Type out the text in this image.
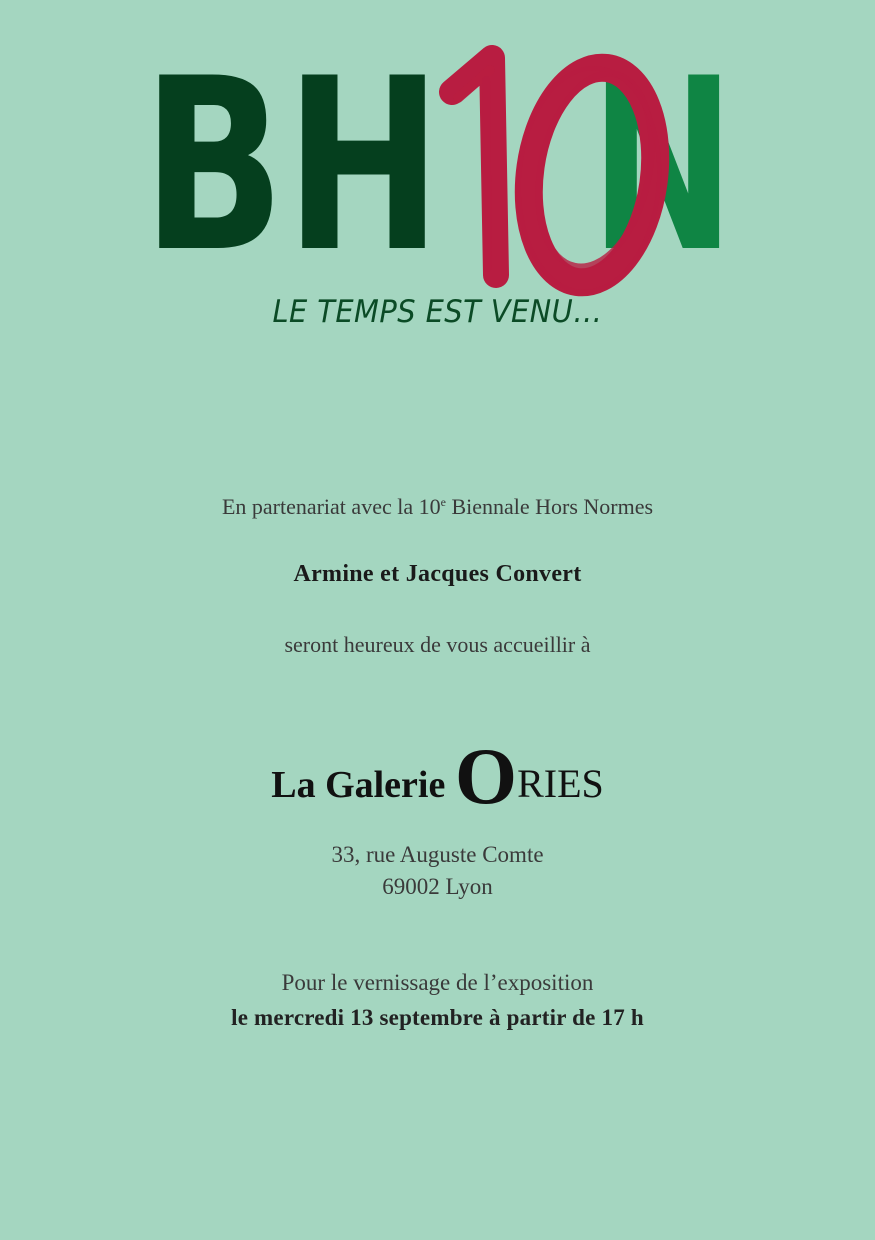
BH N
LE TEMPS EST VENU…
En partenariat avec la 10e Biennale Hors Normes
Armine et Jacques Convert
seront heureux de vous accueillir à
La Galerie ORIES
33, rue Auguste Comte
69002 Lyon
Pour le vernissage de l’exposition
le mercredi 13 septembre à partir de 17 h
